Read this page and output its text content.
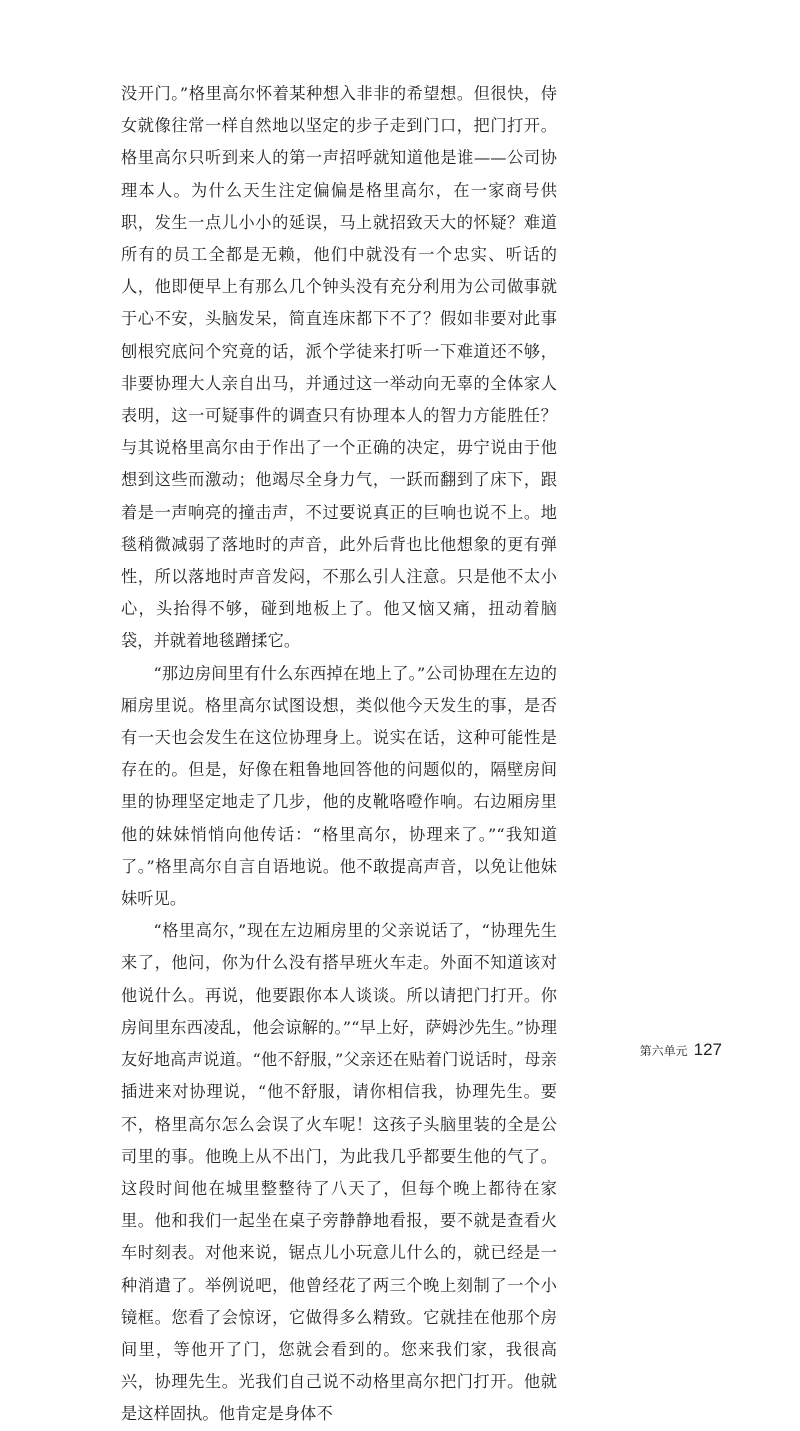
没开门。”格里高尔怀着某种想入非非的希望想。但很快，侍女就像往常一样自然地以坚定的步子走到门口，把门打开。格里高尔只听到来人的第一声招呼就知道他是谁——公司协理本人。为什么天生注定偏偏是格里高尔，在一家商号供职，发生一点儿小小的延误，马上就招致天大的怀疑？难道所有的员工全都是无赖，他们中就没有一个忠实、听话的人，他即便早上有那么几个钟头没有充分利用为公司做事就于心不安，头脑发呆，简直连床都下不了？假如非要对此事刨根究底问个究竟的话，派个学徒来打听一下难道还不够，非要协理大人亲自出马，并通过这一举动向无辜的全体家人表明，这一可疑事件的调查只有协理本人的智力方能胜任？与其说格里高尔由于作出了一个正确的决定，毋宁说由于他想到这些而激动；他竭尽全身力气，一跃而翻到了床下，跟着是一声响亮的撞击声，不过要说真正的巨响也说不上。地毯稍微减弱了落地时的声音，此外后背也比他想象的更有弹性，所以落地时声音发闷，不那么引人注意。只是他不太小心，头抬得不够，碰到地板上了。他又恼又痛，扭动着脑袋，并就着地毯蹭揉它。

“那边房间里有什么东西掉在地上了。”公司协理在左边的厢房里说。格里高尔试图设想，类似他今天发生的事，是否有一天也会发生在这位协理身上。说实在话，这种可能性是存在的。但是，好像在粗鲁地回答他的问题似的，隔壁房间里的协理坚定地走了几步，他的皮靴咯噔作响。右边厢房里他的妹妹悄悄向他传话：“格里高尔，协理来了。”“我知道了。”格里高尔自言自语地说。他不敢提高声音，以免让他妹妹听见。

“格里高尔，”现在左边厢房里的父亲说话了，“协理先生来了，他问，你为什么没有搭早班火车走。外面不知道该对他说什么。再说，他要跟你本人谈谈。所以请把门打开。你房间里东西凌乱，他会谅解的。”“早上好，萨姆沙先生。”协理友好地高声说道。“他不舒服，”父亲还在贴着门说话时，母亲插进来对协理说，“他不舒服，请你相信我，协理先生。要不，格里高尔怎么会误了火车呢！这孩子头脑里装的全是公司里的事。他晚上从不出门，为此我几乎都要生他的气了。这段时间他在城里整整待了八天了，但每个晚上都待在家里。他和我们一起坐在桌子旁静静地看报，要不就是查看火车时刻表。对他来说，锯点儿小玩意儿什么的，就已经是一种消遣了。举例说吧，他曾经花了两三个晚上刻制了一个小镜框。您看了会惊讶，它做得多么精致。它就挂在他那个房间里，等他开了门，您就会看到的。您来我们家，我很高兴，协理先生。光我们自己说不动格里高尔把门打开。他就是这样固执。他肯定是身体不

第六单元 127
